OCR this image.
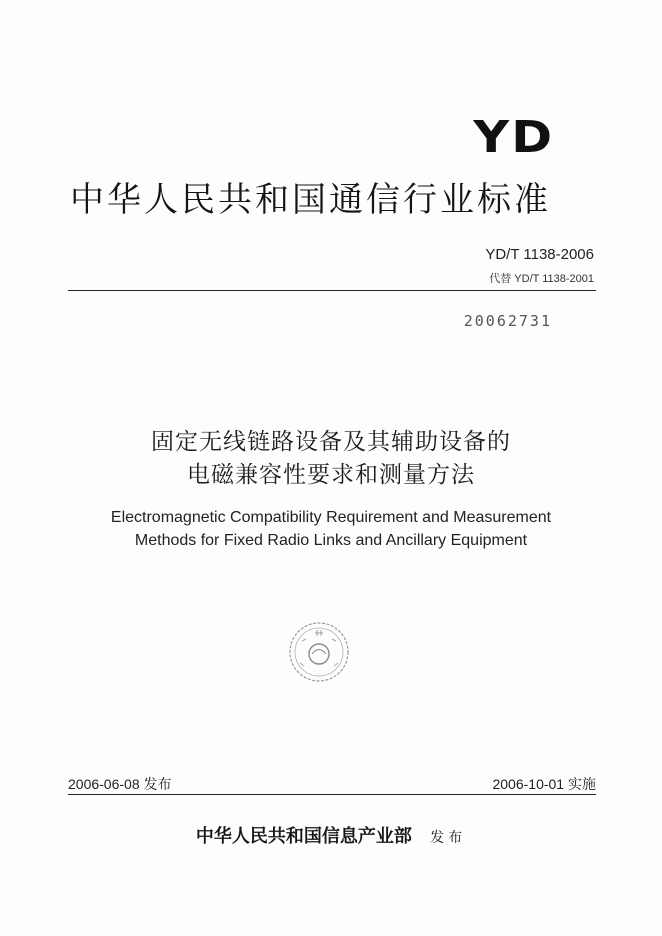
YD
中华人民共和国通信行业标准
YD/T 1138-2006
代替 YD/T 1138-2001
20062731
固定无线链路设备及其辅助设备的
电磁兼容性要求和测量方法
Electromagnetic Compatibility Requirement and Measurement
Methods for Fixed Radio Links and Ancillary Equipment
2006-06-08 发布	2006-10-01 实施
中华人民共和国信息产业部 发布
